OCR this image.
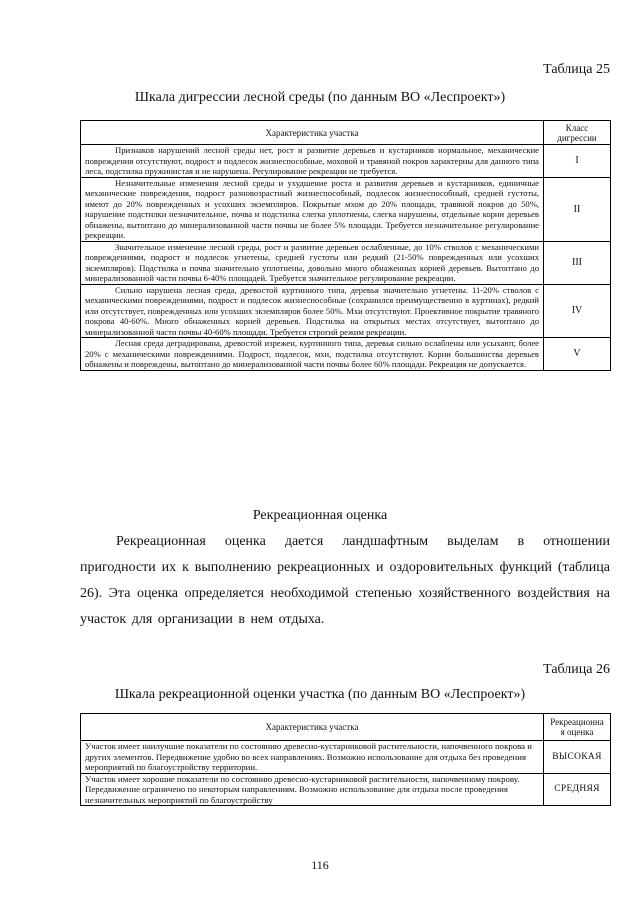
Таблица 25
Шкала дигрессии лесной среды (по данным ВО «Леспроект»)
Характеристика участка	Класс дигрессии
Признаков нарушений лесной среды нет, рост и развитие деревьев и кустарников нормальное, механические повреждения отсутствуют, подрост и подлесок жизнеспособные, моховой и травяной покров характерны для данного типа леса, подстилка пружинистая и не нарушена. Регулирование рекреации не требуется.	I
Незначительные изменения лесной среды и ухудшение роста и развития деревьев и кустарников, единичные механические повреждения, подрост разновозрастный жизнеспособный, подлесок жизнеспособный, средней густоты, имеют до 20% поврежденных и усохших экземпляров. Покрытые мхом до 20% площади, травяной покров до 50%, нарушение подстилки незначительное, почва и подстилка слегка уплотнены, слегка нарушены, отдельные корни деревьев обнажены, вытоптано до минерализованной части почвы не более 5% площади. Требуется незначительное регулирование рекреации.	II
Значительное изменение лесной среды, рост и развитие деревьев ослабленные, до 10% стволов с механическими повреждениями, подрост и подлесок угнетены, средней густоты или редкий (21-50% поврежденных или усохших экземпляров). Подстилка и почва значительно уплотнены, довольно много обнаженных корней деревьев. Вытоптано до минерализованной части почвы 6-40% площадей. Требуется значительное регулирование рекреации.	III
Сильно нарушена лесная среда, древостой куртинного типа, деревья значительно угнетены. 11-20% стволов с механическими повреждениями, подрост и подлесок жизнеспособные (сохранился преимущественно в куртинах), редкий или отсутствует, поврежденных или усохших экземпляров более 50%. Мхи отсутствуют. Проективное покрытие травяного покрова 40-60%. Много обнаженных корней деревьев. Подстилка на открытых местах отсутствует, вытоптано до минерализованной части почвы 40-60% площади. Требуется строгий режим рекреации.	IV
Лесная среда деградирована, древостой изрежен, куртинного типа, деревья сильно ослаблены или усыхают, более 20% с механическими повреждениями. Подрост, подлесок, мхи, подстилка отсутствуют. Корни большинства деревьев обнажены и повреждены, вытоптано до минерализованной части почвы более 60% площади. Рекреация не допускается.	V
Рекреационная оценка
Рекреационная оценка дается ландшафтным выделам в отношении пригодности их к выполнению рекреационных и оздоровительных функций (таблица 26). Эта оценка определяется необходимой степенью хозяйственного воздействия на участок для организации в нем отдыха.
Таблица 26
Шкала рекреационной оценки участка (по данным ВО «Леспроект»)
Характеристика участка	Рекреационна я оценка
Участок имеет наилучшие показатели по состоянию древесно-кустарниковой растительности, напочвенного покрова и других элементов. Передвижение удобно во всех направлениях. Возможно использование для отдыха без проведения мероприятий по благоустройству территории.	ВЫСОКАЯ
Участок имеет хорошие показатели по состоянию древесно-кустарниковой растительности, напочвенному покрову. Передвижение ограничено по некоторым направлениям. Возможно использование для отдыха после проведения незначительных мероприятий по благоустройству	СРЕДНЯЯ
116
